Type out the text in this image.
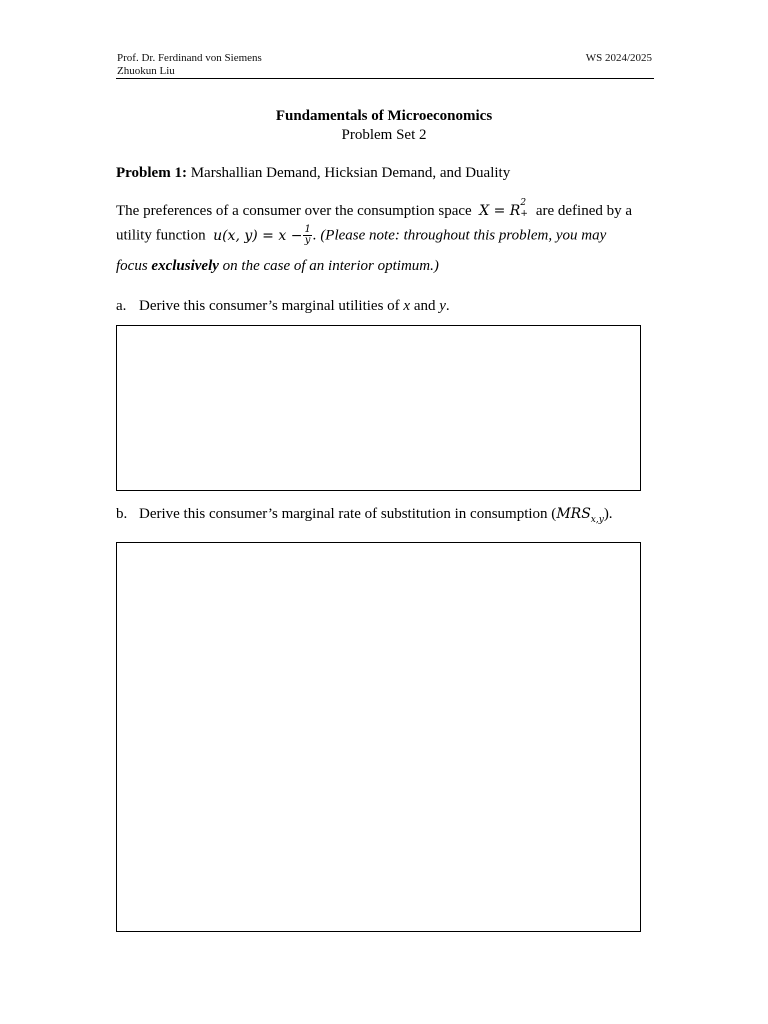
Prof. Dr. Ferdinand von Siemens
Zhuokun Liu
WS 2024/2025
Fundamentals of Microeconomics
Problem Set 2
Problem 1: Marshallian Demand, Hicksian Demand, and Duality
The preferences of a consumer over the consumption space X = R 2
+ are defined by a
utility function u(x, $y) = x - \frac{1}{y}$ . (Please note: throughout this problem, you may
focus exclusively on the case of an interior optimum.)
a. Derive this consumer’s marginal utilities of x and y.
b. Derive this consumer’s marginal rate of substitution in consumption $(MRS_{x,y})$.
